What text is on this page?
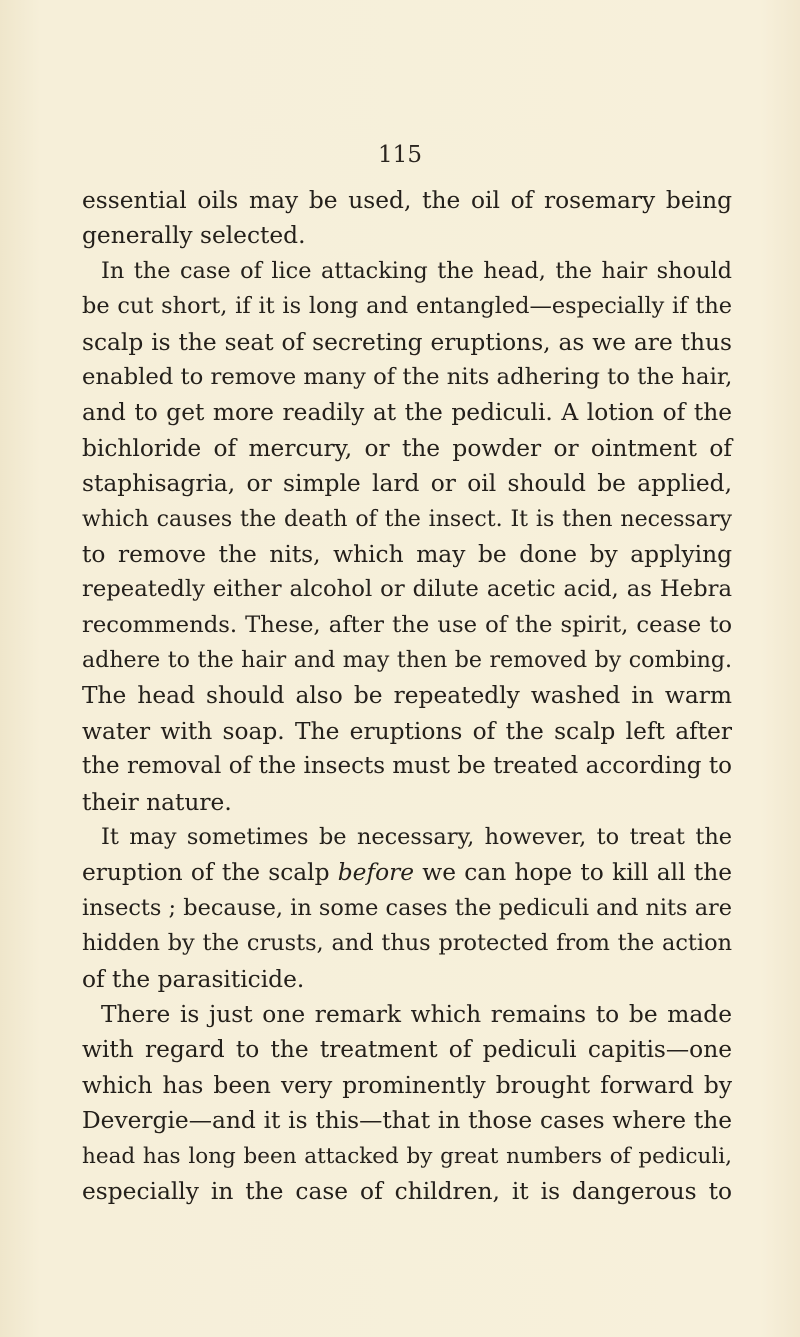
115
essential oils may be used, the oil of rosemary being
generally selected.
In the case of lice attacking the head, the hair should
be cut short, if it is long and entangled—especially if the
scalp is the seat of secreting eruptions, as we are thus
enabled to remove many of the nits adhering to the hair,
and to get more readily at the pediculi. A lotion of the
bichloride of mercury, or the powder or ointment of
staphisagria, or simple lard or oil should be applied,
which causes the death of the insect. It is then necessary
to remove the nits, which may be done by applying
repeatedly either alcohol or dilute acetic acid, as Hebra
recommends. These, after the use of the spirit, cease to
adhere to the hair and may then be removed by combing.
The head should also be repeatedly washed in warm
water with soap. The eruptions of the scalp left after
the removal of the insects must be treated according to
their nature.
It may sometimes be necessary, however, to treat the
eruption of the scalp before we can hope to kill all the
insects ; because, in some cases the pediculi and nits are
hidden by the crusts, and thus protected from the action
of the parasiticide.
There is just one remark which remains to be made
with regard to the treatment of pediculi capitis—one
which has been very prominently brought forward by
Devergie—and it is this—that in those cases where the
head has long been attacked by great numbers of pediculi,
especially in the case of children, it is dangerous to
